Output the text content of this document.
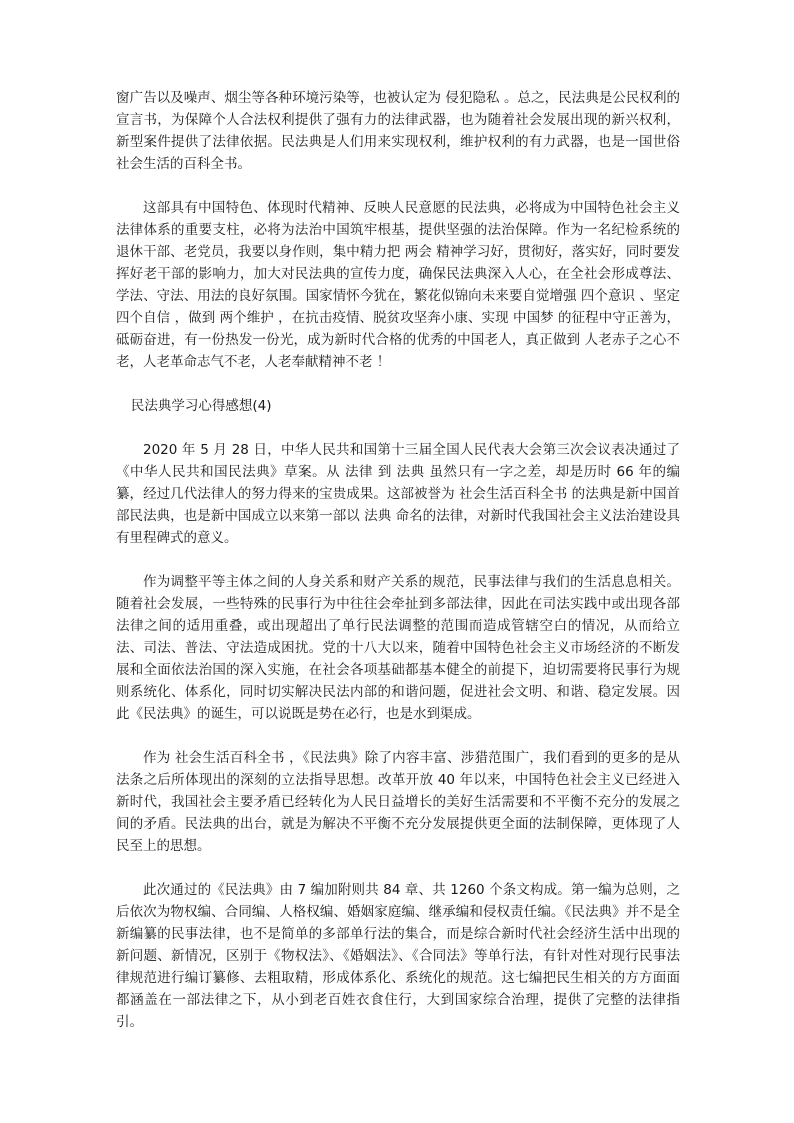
窗广告以及噪声、烟尘等各种环境污染等，也被认定为 侵犯隐私 。总之，民法典是公民权利的宣言书，为保障个人合法权利提供了强有力的法律武器，也为随着社会发展出现的新兴权利，新型案件提供了法律依据。民法典是人们用来实现权利，维护权利的有力武器，也是一国世俗社会生活的百科全书。

这部具有中国特色、体现时代精神、反映人民意愿的民法典，必将成为中国特色社会主义法律体系的重要支柱，必将为法治中国筑牢根基，提供坚强的法治保障。作为一名纪检系统的退休干部、老党员，我要以身作则，集中精力把 两会 精神学习好，贯彻好，落实好，同时要发挥好老干部的影响力，加大对民法典的宣传力度，确保民法典深入人心，在全社会形成尊法、学法、守法、用法的良好氛围。国家情怀今犹在，繁花似锦向未来要自觉增强 四个意识 、坚定 四个自信 ，做到 两个维护 ，在抗击疫情、脱贫攻坚奔小康、实现 中国梦 的征程中守正善为，砥砺奋进，有一份热发一份光，成为新时代合格的优秀的中国老人，真正做到 人老赤子之心不老，人老革命志气不老，人老奉献精神不老 ！

民法典学习心得感想(4)

2020 年 5 月 28 日，中华人民共和国第十三届全国人民代表大会第三次会议表决通过了《中华人民共和国民法典》草案。从 法律 到 法典 虽然只有一字之差，却是历时 66 年的编纂，经过几代法律人的努力得来的宝贵成果。这部被誉为 社会生活百科全书 的法典是新中国首部民法典，也是新中国成立以来第一部以 法典 命名的法律，对新时代我国社会主义法治建设具有里程碑式的意义。

作为调整平等主体之间的人身关系和财产关系的规范，民事法律与我们的生活息息相关。随着社会发展，一些特殊的民事行为中往往会牵扯到多部法律，因此在司法实践中或出现各部法律之间的适用重叠，或出现超出了单行民法调整的范围而造成管辖空白的情况，从而给立法、司法、普法、守法造成困扰。党的十八大以来，随着中国特色社会主义市场经济的不断发展和全面依法治国的深入实施，在社会各项基础都基本健全的前提下，迫切需要将民事行为规则系统化、体系化，同时切实解决民法内部的和谐问题，促进社会文明、和谐、稳定发展。因此《民法典》的诞生，可以说既是势在必行，也是水到渠成。

作为 社会生活百科全书 ，《民法典》除了内容丰富、涉猎范围广，我们看到的更多的是从法条之后所体现出的深刻的立法指导思想。改革开放 40 年以来，中国特色社会主义已经进入新时代，我国社会主要矛盾已经转化为人民日益增长的美好生活需要和不平衡不充分的发展之间的矛盾。民法典的出台，就是为解决不平衡不充分发展提供更全面的法制保障，更体现了人民至上的思想。

此次通过的《民法典》由 7 编加附则共 84 章、共 1260 个条文构成。第一编为总则，之后依次为物权编、合同编、人格权编、婚姻家庭编、继承编和侵权责任编。《民法典》并不是全新编纂的民事法律，也不是简单的多部单行法的集合，而是综合新时代社会经济生活中出现的新问题、新情况，区别于《物权法》、《婚姻法》、《合同法》等单行法，有针对性对现行民事法律规范进行编订纂修、去粗取精，形成体系化、系统化的规范。这七编把民生相关的方方面面都涵盖在一部法律之下，从小到老百姓衣食住行，大到国家综合治理，提供了完整的法律指引。
